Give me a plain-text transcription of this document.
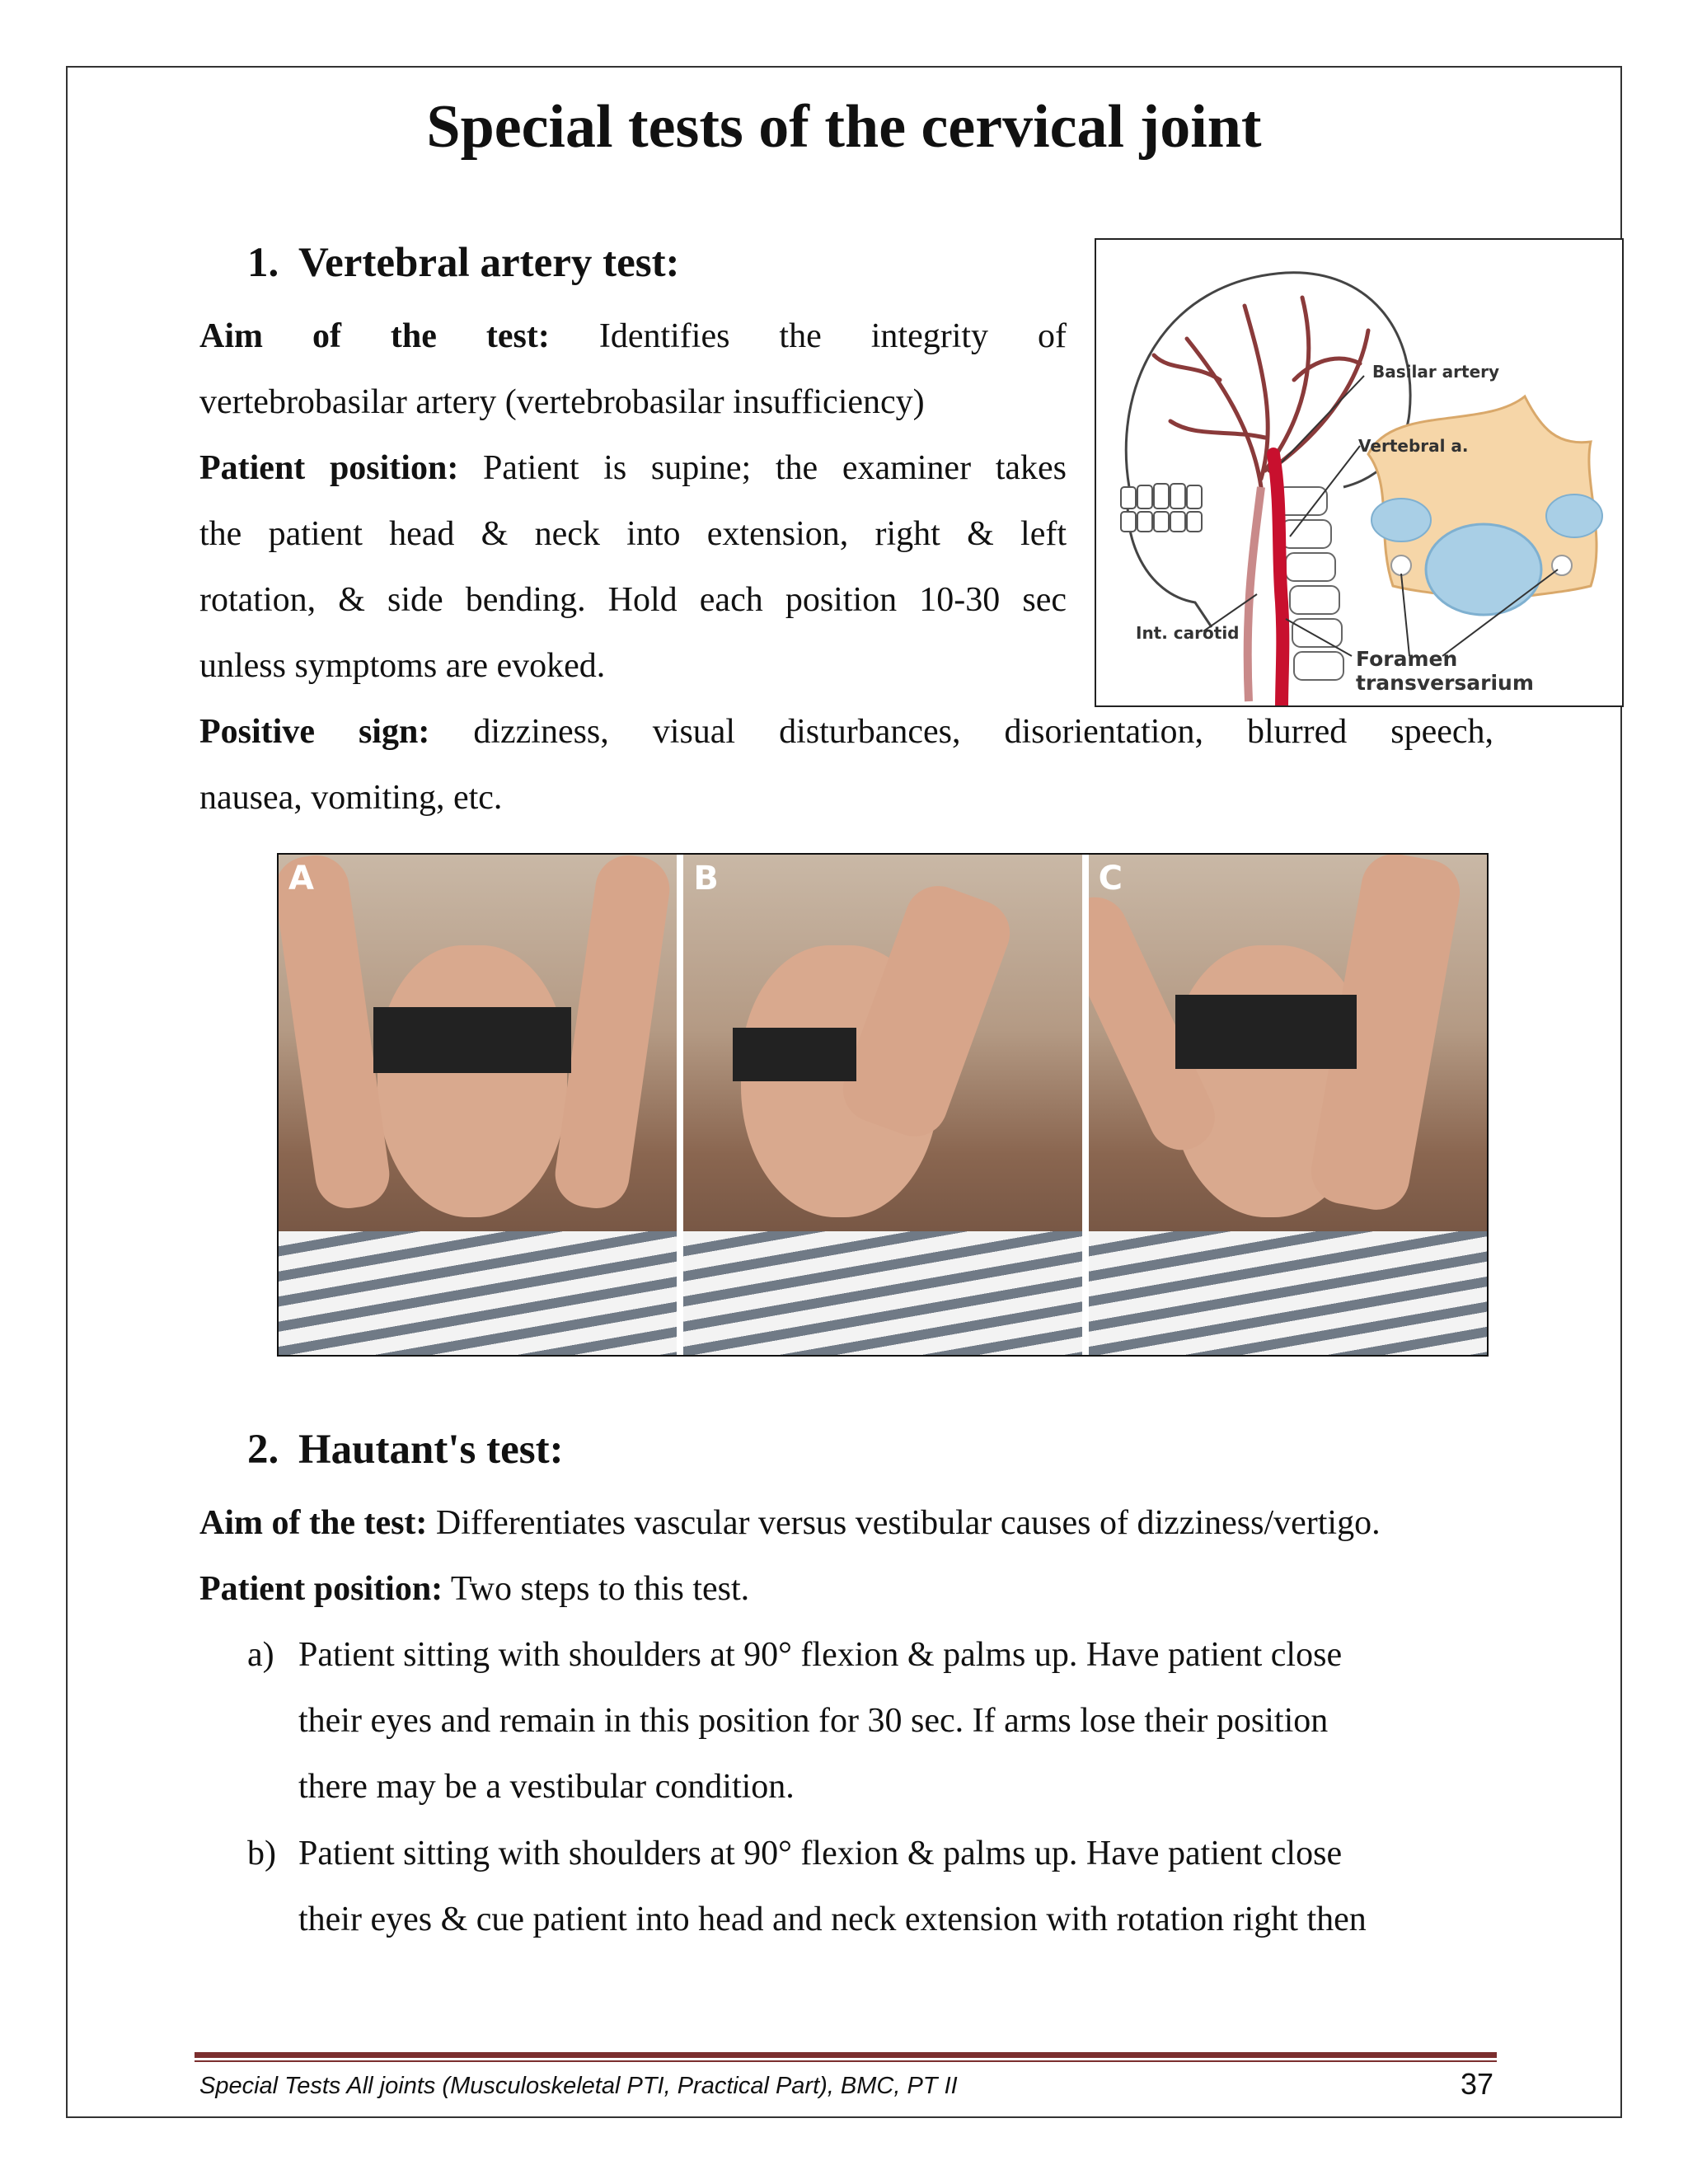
Special tests of the cervical joint
1. Vertebral artery test:
Aim of the test: Identifies the integrity of
vertebrobasilar artery (vertebrobasilar insufficiency)
Patient position: Patient is supine; the examiner takes
the patient head & neck into extension, right & left
rotation, & side bending. Hold each position 10-30 sec
unless symptoms are evoked.
Positive sign: dizziness, visual disturbances, disorientation, blurred speech,
nausea, vomiting, etc.
Basilar artery
Vertebral a.
Int. carotid
Foramen transversarium
A	B	C
2. Hautant's test:
Aim of the test: Differentiates vascular versus vestibular causes of dizziness/vertigo.
Patient position: Two steps to this test.
a) Patient sitting with shoulders at 90° flexion & palms up. Have patient close
their eyes and remain in this position for 30 sec. If arms lose their position
there may be a vestibular condition.
b) Patient sitting with shoulders at 90° flexion & palms up. Have patient close
their eyes & cue patient into head and neck extension with rotation right then
Special Tests All joints (Musculoskeletal PTI, Practical Part), BMC, PT II	37
